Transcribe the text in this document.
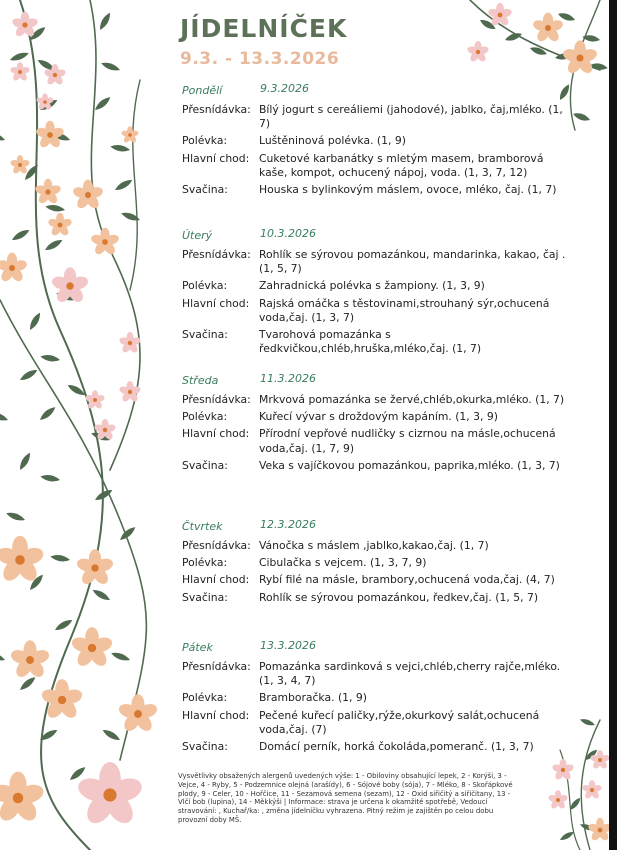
JÍDELNÍČEK
9.3. - 13.3.2026
Pondělí	9.3.2026
Přesnídávka: Bílý jogurt s cereáliemi (jahodové), jablko, čaj,mléko. (1, 7)
Polévka:	Luštěninová polévka. (1, 9)
Hlavní chod: Cuketové karbanátky s mletým masem, bramborová kaše, kompot, ochucený nápoj, voda. (1, 3, 7, 12)
Svačina:	Houska s bylinkovým máslem, ovoce, mléko, čaj. (1, 7)
Úterý	10.3.2026
Přesnídávka: Rohlík se sýrovou pomazánkou, mandarinka, kakao, čaj . (1, 5, 7)
Polévka:	Zahradnická polévka s žampiony. (1, 3, 9)
Hlavní chod: Rajská omáčka s těstovinami,strouhaný sýr,ochucená voda,čaj. (1, 3, 7)
Svačina:	Tvarohová pomazánka s ředkvičkou,chléb,hruška,mléko,čaj. (1, 7)
Středa	11.3.2026
Přesnídávka: Mrkvová pomazánka se žervé,chléb,okurka,mléko. (1, 7)
Polévka:	Kuřecí vývar s droždovým kapáním. (1, 3, 9)
Hlavní chod: Přírodní vepřové nudličky s cizrnou na másle,ochucená voda,čaj. (1, 7, 9)
Svačina:	Veka s vajíčkovou pomazánkou, paprika,mléko. (1, 3, 7)
Čtvrtek	12.3.2026
Přesnídávka: Vánočka s máslem ,jablko,kakao,čaj. (1, 7)
Polévka:	Cibulačka s vejcem. (1, 3, 7, 9)
Hlavní chod: Rybí filé na másle, brambory,ochucená voda,čaj. (4, 7)
Svačina:	Rohlík se sýrovou pomazánkou, ředkev,čaj. (1, 5, 7)
Pátek	13.3.2026
Přesnídávka: Pomazánka sardinková s vejci,chléb,cherry rajče,mléko. (1, 3, 4, 7)
Polévka:	Bramboračka. (1, 9)
Hlavní chod: Pečené kuřecí paličky,rýže,okurkový salát,ochucená voda,čaj. (7)
Svačina:	Domácí perník, horká čokoláda,pomeranč. (1, 3, 7)
Vysvětlivky obsažených alergenů uvedených výše: 1 - Obiloviny obsahující lepek, 2 - Korýši, 3 - Vejce, 4 - Ryby, 5 - Podzemnice olejná (arašídy), 6 - Sójové boby (sója), 7 - Mléko, 8 - Skořápkové plody, 9 - Celer, 10 - Hořčice, 11 - Sezamová semena (sezam), 12 - Oxid siřičitý a siřičitany, 13 - Vlčí bob (lupina), 14 - Měkkýši | Informace: strava je určena k okamžité spotřebě, Vedoucí stravování: , Kuchař/ka: , změna jídelníčku vyhrazena. Pitný režim je zajištěn po celou dobu provozní doby MŠ.
